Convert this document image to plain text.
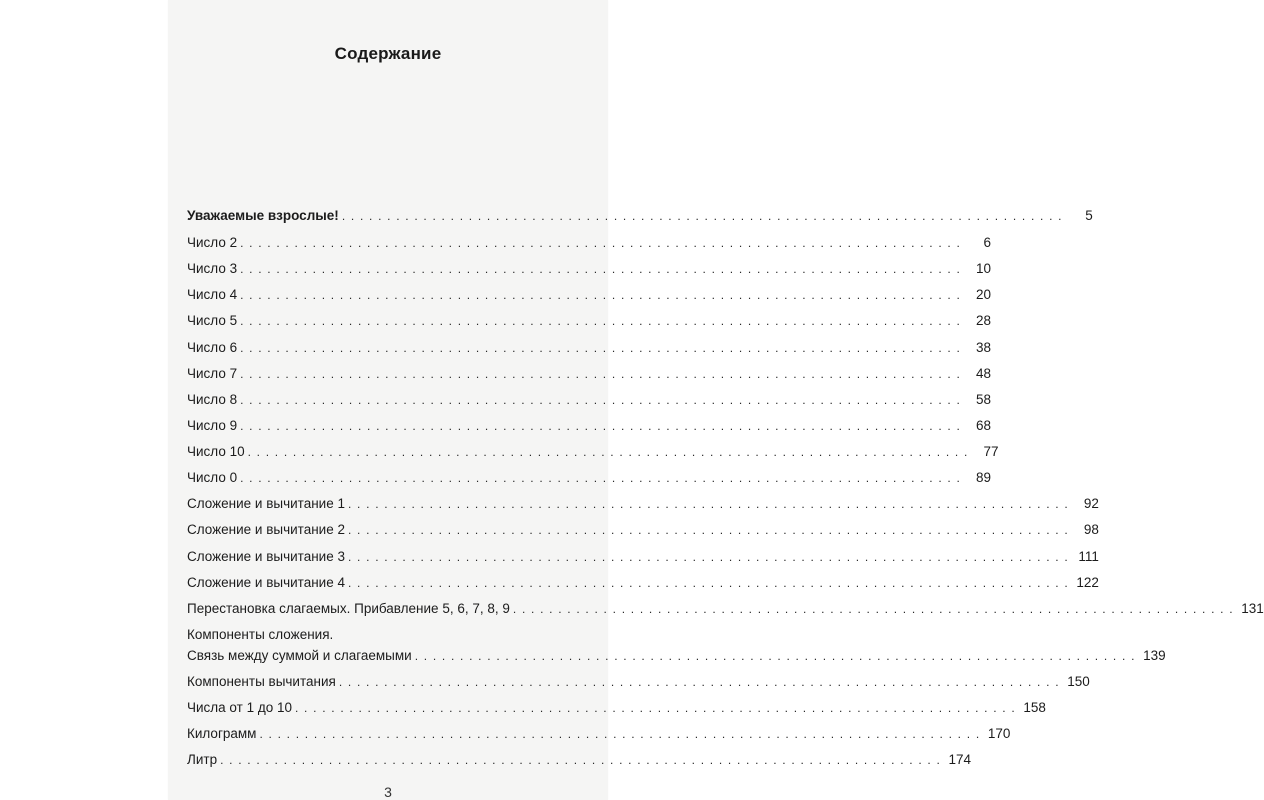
Содержание
Уважаемые взрослые! . . . . . . . . . . . . . . . . . . . . . . . . . . . . . . . . . . . . . . . . . . . . . . . . . . . . . . . . . . . . . . . . . . . . . . . . . . . . . . . .	5
Число 2 . . . . . . . . . . . . . . . . . . . . . . . . . . . . . . . . . . . . . . . . . . . . . . . . . . . . . . . . . . . . . . . . . . . . . . . . . . . . . . . .	6
Число 3 . . . . . . . . . . . . . . . . . . . . . . . . . . . . . . . . . . . . . . . . . . . . . . . . . . . . . . . . . . . . . . . . . . . . . . . . . . . . . . . .	10
Число 4 . . . . . . . . . . . . . . . . . . . . . . . . . . . . . . . . . . . . . . . . . . . . . . . . . . . . . . . . . . . . . . . . . . . . . . . . . . . . . . . .	20
Число 5 . . . . . . . . . . . . . . . . . . . . . . . . . . . . . . . . . . . . . . . . . . . . . . . . . . . . . . . . . . . . . . . . . . . . . . . . . . . . . . . .	28
Число 6 . . . . . . . . . . . . . . . . . . . . . . . . . . . . . . . . . . . . . . . . . . . . . . . . . . . . . . . . . . . . . . . . . . . . . . . . . . . . . . . .	38
Число 7 . . . . . . . . . . . . . . . . . . . . . . . . . . . . . . . . . . . . . . . . . . . . . . . . . . . . . . . . . . . . . . . . . . . . . . . . . . . . . . . .	48
Число 8 . . . . . . . . . . . . . . . . . . . . . . . . . . . . . . . . . . . . . . . . . . . . . . . . . . . . . . . . . . . . . . . . . . . . . . . . . . . . . . . .	58
Число 9 . . . . . . . . . . . . . . . . . . . . . . . . . . . . . . . . . . . . . . . . . . . . . . . . . . . . . . . . . . . . . . . . . . . . . . . . . . . . . . . .	68
Число 10 . . . . . . . . . . . . . . . . . . . . . . . . . . . . . . . . . . . . . . . . . . . . . . . . . . . . . . . . . . . . . . . . . . . . . . . . . . . . . . . .	77
Число 0 . . . . . . . . . . . . . . . . . . . . . . . . . . . . . . . . . . . . . . . . . . . . . . . . . . . . . . . . . . . . . . . . . . . . . . . . . . . . . . . .	89
Сложение и вычитание 1 . . . . . . . . . . . . . . . . . . . . . . . . . . . . . . . . . . . . . . . . . . . . . . . . . . . . . . . . . . . . . . . . . . . . . . . . . . . . . . . .	92
Сложение и вычитание 2 . . . . . . . . . . . . . . . . . . . . . . . . . . . . . . . . . . . . . . . . . . . . . . . . . . . . . . . . . . . . . . . . . . . . . . . . . . . . . . . .	98
Сложение и вычитание 3 . . . . . . . . . . . . . . . . . . . . . . . . . . . . . . . . . . . . . . . . . . . . . . . . . . . . . . . . . . . . . . . . . . . . . . . . . . . . . . . . 111
Сложение и вычитание 4 . . . . . . . . . . . . . . . . . . . . . . . . . . . . . . . . . . . . . . . . . . . . . . . . . . . . . . . . . . . . . . . . . . . . . . . . . . . . . . . . 122
Перестановка слагаемых. Прибавление 5, 6, 7, 8, 9 . . . . . . . . . . . . . . . . . . . . . . . . . . . . . . . . . . . . . . . . . . . . . . . . . . . . . . . . . . . . . . . . . . . . . . . . . . . . . . . . 131
Компоненты сложения.
Связь между суммой и слагаемыми . . . . . . . . . . . . . . . . . . . . . . . . . . . . . . . . . . . . . . . . . . . . . . . . . . . . . . . . . . . . . . . . . . . . . . . . . . . . . . . . 139
Компоненты вычитания . . . . . . . . . . . . . . . . . . . . . . . . . . . . . . . . . . . . . . . . . . . . . . . . . . . . . . . . . . . . . . . . . . . . . . . . . . . . . . . . 150
Числа от 1 до 10 . . . . . . . . . . . . . . . . . . . . . . . . . . . . . . . . . . . . . . . . . . . . . . . . . . . . . . . . . . . . . . . . . . . . . . . . . . . . . . . . 158
Килограмм . . . . . . . . . . . . . . . . . . . . . . . . . . . . . . . . . . . . . . . . . . . . . . . . . . . . . . . . . . . . . . . . . . . . . . . . . . . . . . . . 170
Литр . . . . . . . . . . . . . . . . . . . . . . . . . . . . . . . . . . . . . . . . . . . . . . . . . . . . . . . . . . . . . . . . . . . . . . . . . . . . . . . . 174
3
